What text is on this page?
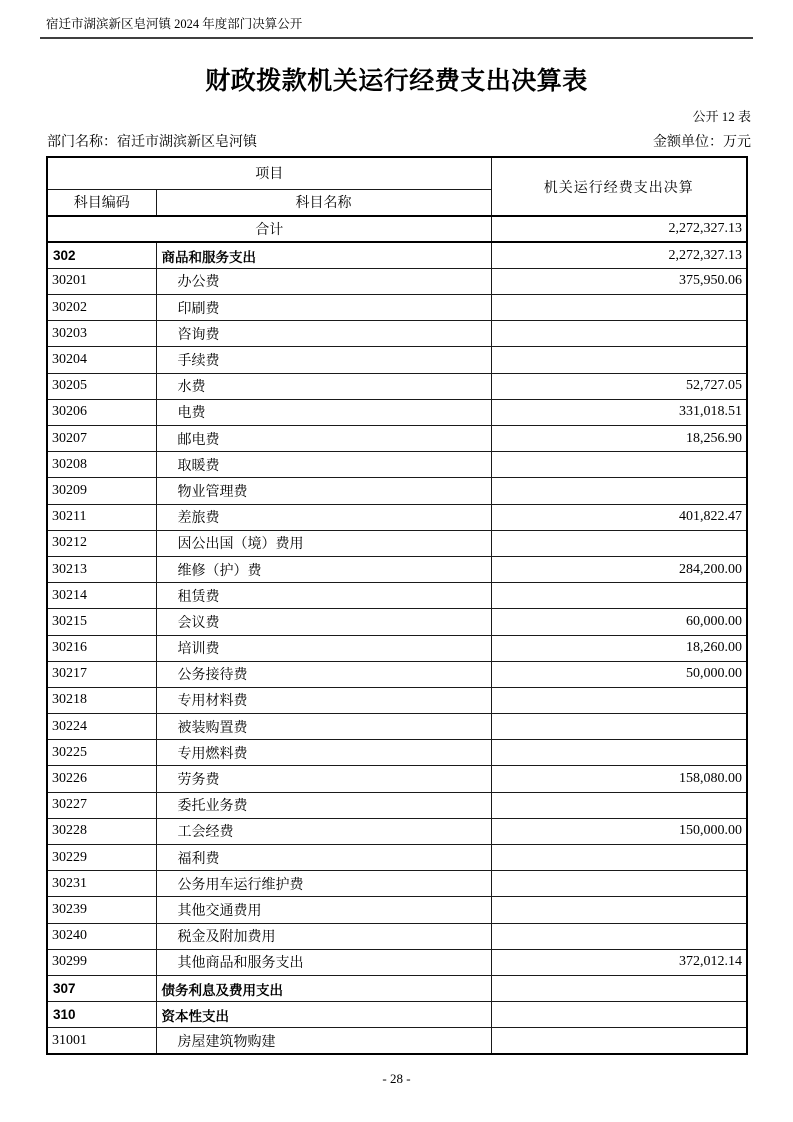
宿迁市湖滨新区皂河镇 2024 年度部门决算公开
财政拨款机关运行经费支出决算表
公开 12 表
部门名称：宿迁市湖滨新区皂河镇	金额单位：万元
项目		机关运行经费支出决算
科目编码	科目名称	
合计		2,272,327.13
302	商品和服务支出	2,272,327.13
30201	办公费	375,950.06
30202	印刷费	
30203	咨询费	
30204	手续费	
30205	水费	52,727.05
30206	电费	331,018.51
30207	邮电费	18,256.90
30208	取暖费	
30209	物业管理费	
30211	差旅费	401,822.47
30212	因公出国（境）费用	
30213	维修（护）费	284,200.00
30214	租赁费	
30215	会议费	60,000.00
30216	培训费	18,260.00
30217	公务接待费	50,000.00
30218	专用材料费	
30224	被装购置费	
30225	专用燃料费	
30226	劳务费	158,080.00
30227	委托业务费	
30228	工会经费	150,000.00
30229	福利费	
30231	公务用车运行维护费	
30239	其他交通费用	
30240	税金及附加费用	
30299	其他商品和服务支出	372,012.14
307	债务利息及费用支出	
310	资本性支出	
31001	房屋建筑物购建	
- 28 -
